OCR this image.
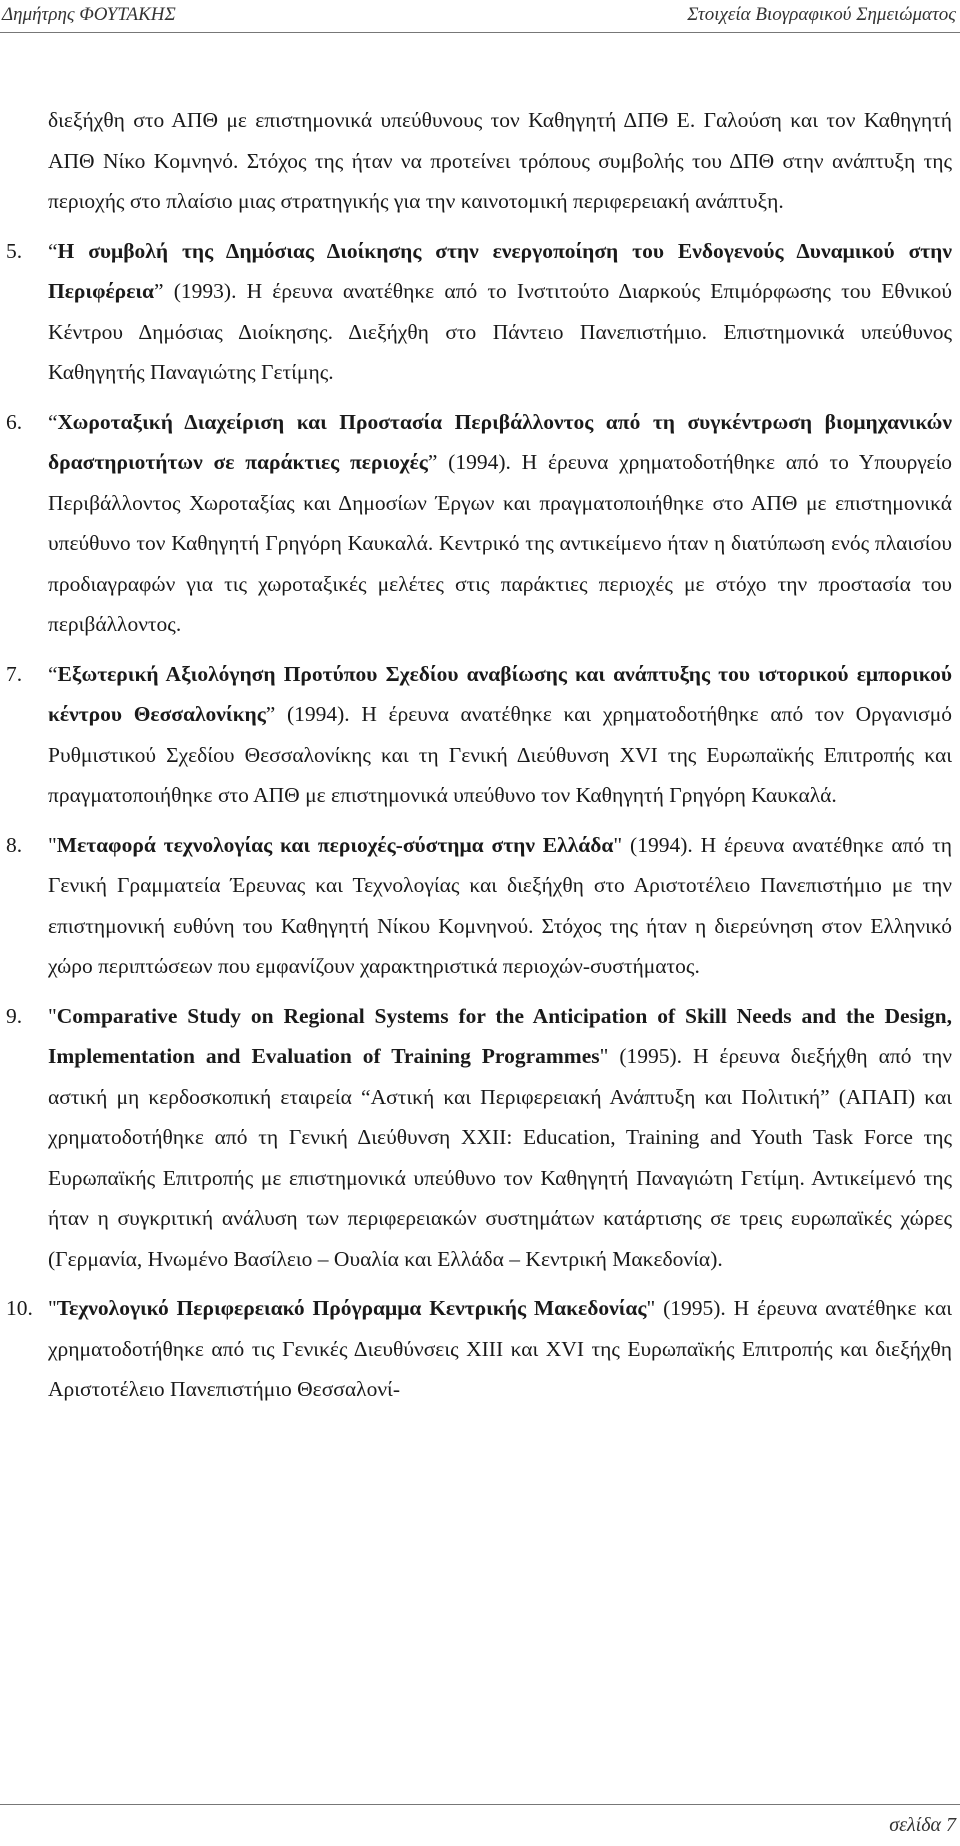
Δημήτρης ΦΟΥΤΑΚΗΣ	Στοιχεία Βιογραφικού Σημειώματος

διεξήχθη στο ΑΠΘ με επιστημονικά υπεύθυνους τον Καθηγητή ΔΠΘ Ε. Γαλούση και τον Καθηγητή ΑΠΘ Νίκο Κομνηνό. Στόχος της ήταν να προτείνει τρόπους συμβολής του ΔΠΘ στην ανάπτυξη της περιοχής στο πλαίσιο μιας στρατηγικής για την καινοτομική περιφερειακή ανάπτυξη.

5.	“Η συμβολή της Δημόσιας Διοίκησης στην ενεργοποίηση του Ενδογενούς Δυναμικού στην Περιφέρεια” (1993). Η έρευνα ανατέθηκε από το Ινστιτούτο Διαρκούς Επιμόρφωσης του Εθνικού Κέντρου Δημόσιας Διοίκησης. Διεξήχθη στο Πάντειο Πανεπιστήμιο. Επιστημονικά υπεύθυνος Καθηγητής Παναγιώτης Γετίμης.
6.	“Χωροταξική Διαχείριση και Προστασία Περιβάλλοντος από τη συγκέντρωση βιομηχανικών δραστηριοτήτων σε παράκτιες περιοχές” (1994). Η έρευνα χρηματοδοτήθηκε από το Υπουργείο Περιβάλλοντος Χωροταξίας και Δημοσίων Έργων και πραγματοποιήθηκε στο ΑΠΘ με επιστημονικά υπεύθυνο τον Καθηγητή Γρηγόρη Καυκαλά. Κεντρικό της αντικείμενο ήταν η διατύπωση ενός πλαισίου προδιαγραφών για τις χωροταξικές μελέτες στις παράκτιες περιοχές με στόχο την προστασία του περιβάλλοντος.
7.	“Εξωτερική Αξιολόγηση Προτύπου Σχεδίου αναβίωσης και ανάπτυξης του ιστορικού εμπορικού κέντρου Θεσσαλονίκης” (1994). Η έρευνα ανατέθηκε και χρηματοδοτήθηκε από τον Οργανισμό Ρυθμιστικού Σχεδίου Θεσσαλονίκης και τη Γενική Διεύθυνση XVI της Ευρωπαϊκής Επιτροπής και πραγματοποιήθηκε στο ΑΠΘ με επιστημονικά υπεύθυνο τον Καθηγητή Γρηγόρη Καυκαλά.
8.	"Μεταφορά τεχνολογίας και περιοχές-σύστημα στην Ελλάδα" (1994). Η έρευνα ανατέθηκε από τη Γενική Γραμματεία Έρευνας και Τεχνολογίας και διεξήχθη στο Αριστοτέλειο Πανεπιστήμιο με την επιστημονική ευθύνη του Καθηγητή Νίκου Κομνηνού. Στόχος της ήταν η διερεύνηση στον Ελληνικό χώρο περιπτώσεων που εμφανίζουν χαρακτηριστικά περιοχών-συστήματος.
9.	"Comparative Study on Regional Systems for the Anticipation of Skill Needs and the Design, Implementation and Evaluation of Training Programmes" (1995). Η έρευνα διεξήχθη από την αστική μη κερδοσκοπική εταιρεία “Αστική και Περιφερειακή Ανάπτυξη και Πολιτική” (ΑΠΑΠ) και χρηματοδοτήθηκε από τη Γενική Διεύθυνση XXII: Education, Training and Youth Task Force της Ευρωπαϊκής Επιτροπής με επιστημονικά υπεύθυνο τον Καθηγητή Παναγιώτη Γετίμη. Αντικείμενό της ήταν η συγκριτική ανάλυση των περιφερειακών συστημάτων κατάρτισης σε τρεις ευρωπαϊκές χώρες (Γερμανία, Ηνωμένο Βασίλειο – Ουαλία και Ελλάδα – Κεντρική Μακεδονία).
10. "Τεχνολογικό Περιφερειακό Πρόγραμμα Κεντρικής Μακεδονίας" (1995). Η έρευνα ανατέθηκε και χρηματοδοτήθηκε από τις Γενικές Διευθύνσεις XIII και XVI της Ευρωπαϊκής Επιτροπής και διεξήχθη Αριστοτέλειο Πανεπιστήμιο Θεσσαλονί-
σελίδα 7
